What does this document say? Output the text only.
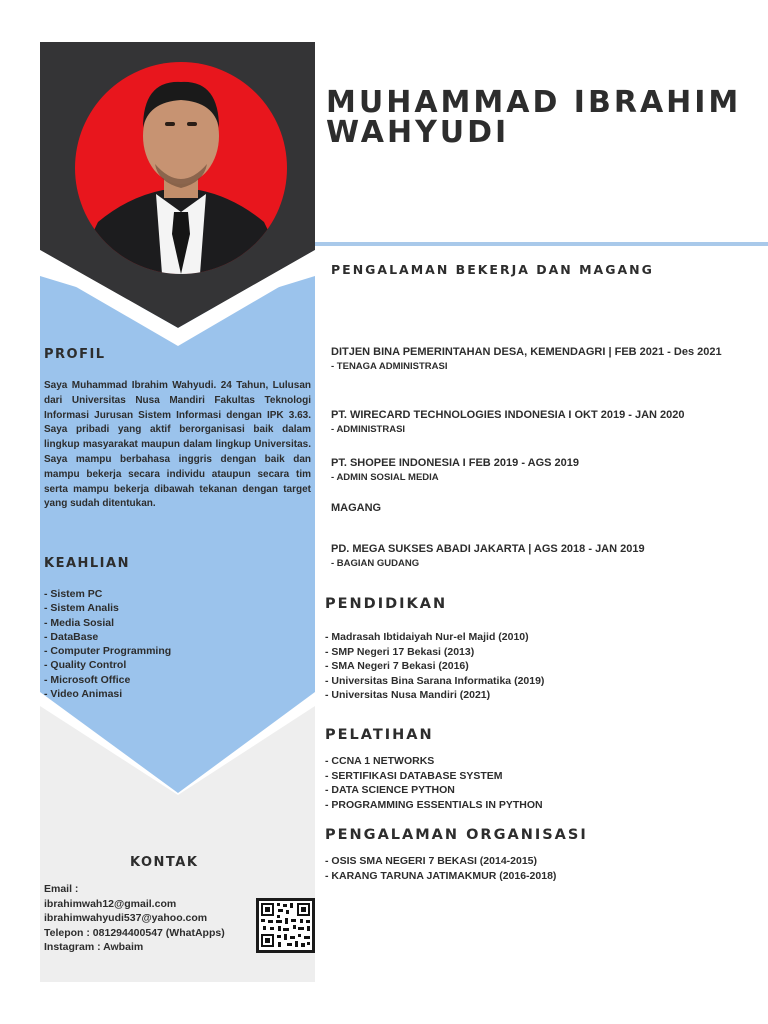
MUHAMMAD IBRAHIM
WAHYUDI
PENGALAMAN BEKERJA DAN MAGANG
DITJEN BINA PEMERINTAHAN DESA, KEMENDAGRI | FEB 2021 - Des 2021
- TENAGA ADMINISTRASI
PT. WIRECARD TECHNOLOGIES INDONESIA I OKT 2019 - JAN 2020
- ADMINISTRASI
PT. SHOPEE INDONESIA I FEB 2019 - AGS 2019
- ADMIN SOSIAL MEDIA
MAGANG
PD. MEGA SUKSES ABADI JAKARTA | AGS 2018 - JAN 2019
- BAGIAN GUDANG
PENDIDIKAN
- Madrasah Ibtidaiyah Nur-el Majid (2010)
- SMP Negeri 17 Bekasi (2013)
- SMA Negeri 7 Bekasi (2016)
- Universitas Bina Sarana Informatika (2019)
- Universitas Nusa Mandiri (2021)
PELATIHAN
- CCNA 1 NETWORKS
- SERTIFIKASI DATABASE SYSTEM
- DATA SCIENCE PYTHON
- PROGRAMMING ESSENTIALS IN PYTHON
PENGALAMAN ORGANISASI
- OSIS SMA NEGERI 7 BEKASI (2014-2015)
- KARANG TARUNA JATIMAKMUR (2016-2018)
PROFIL
Saya Muhammad Ibrahim Wahyudi. 24 Tahun, Lulusan dari Universitas Nusa Mandiri Fakultas Teknologi Informasi Jurusan Sistem Informasi dengan IPK 3.63. Saya pribadi yang aktif berorganisasi baik dalam lingkup masyarakat maupun dalam lingkup Universitas. Saya mampu berbahasa inggris dengan baik dan mampu bekerja secara individu ataupun secara tim serta mampu bekerja dibawah tekanan dengan target yang sudah ditentukan.
KEAHLIAN
- Sistem PC
- Sistem Analis
- Media Sosial
- DataBase
- Computer Programming
- Quality Control
- Microsoft Office
- Video Animasi
KONTAK
Email :
ibrahimwah12@gmail.com
ibrahimwahyudi537@yahoo.com
Telepon : 081294400547 (WhatApps)
Instagram : Awbaim
